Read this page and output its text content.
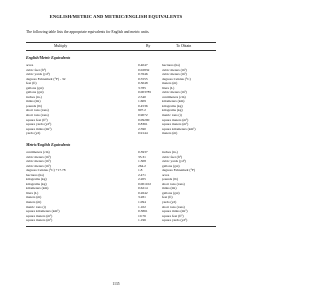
ENGLISH/METRIC AND METRIC/ENGLISH EQUIVALENTS
The following table lists the appropriate equivalents for English and metric units.
Multiply	By	To Obtain
English/Metric Equivalents
acres	0.4047	hectares (ha)
cubic feet (ft³)	0.02832	cubic meters (m³)
cubic yards (yd³)	0.7646	cubic meters (m³)
degrees Fahrenheit (°F) - 32	0.5555	degrees Celsius (°C)
feet (ft)	0.3048	meters (m)
gallons (gal)	3.785	liters (L)
gallons (gal)	0.003785	cubic meters (m³)
inches (in.)	2.540	centimeters (cm)
miles (mi)	1.609	kilometers (km)
pounds (lb)	0.4536	kilograms (kg)
short tons (tons)	907.2	kilograms (kg)
short tons (tons)	0.9072	metric tons (t)
square feet (ft²)	0.09290	square meters (m²)
square yards (yd²)	0.8361	square meters (m²)
square miles (mi²)	2.590	square kilometers (km²)
yards (yd)	0.9144	meters (m)
Metric/English Equivalents
centimeters (cm)	0.3937	inches (in.)
cubic meters (m³)	35.31	cubic feet (ft³)
cubic meters (m³)	1.308	cubic yards (yd³)
cubic meters (m³)	264.2	gallons (gal)
degrees Celsius (°C) +17.78	1.8	degrees Fahrenheit (°F)
hectares (ha)	2.471	acres
kilograms (kg)	2.205	pounds (lb)
kilograms (kg)	0.001102	short tons (tons)
kilometers (km)	0.6214	miles (mi)
liters (L)	0.2642	gallons (gal)
meters (m)	3.281	feet (ft)
meters (m)	1.094	yards (yd)
metric tons (t)	1.102	short tons (tons)
square kilometers (km²)	0.3861	square miles (mi²)
square meters (m²)	10.76	square feet (ft²)
square meters (m²)	1.196	square yards (yd²)
1135
